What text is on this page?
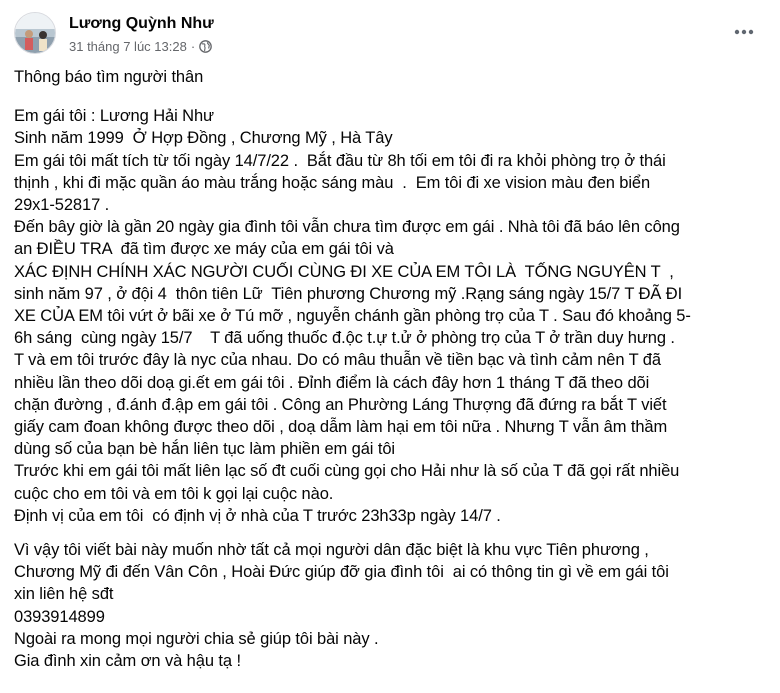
Lương Quỳnh Như
31 tháng 7 lúc 13:28 ·

Thông báo tìm người thân

Em gái tôi : Lương Hải Như

Sinh năm 1999  Ở Hợp Đồng , Chương Mỹ , Hà Tây

Em gái tôi mất tích từ tối ngày 14/7/22 .  Bắt đầu từ 8h tối em tôi đi ra khỏi phòng trọ ở thái

thịnh , khi đi mặc quần áo màu trắng hoặc sáng màu  .  Em tôi đi xe vision màu đen biển

29x1-52817 .

Đến bây giờ là gần 20 ngày gia đình tôi vẫn chưa tìm được em gái . Nhà tôi đã báo lên công

an ĐIỀU TRA  đã tìm được xe máy của em gái tôi và

XÁC ĐỊNH CHÍNH XÁC NGƯỜI CUỐI CÙNG ĐI XE CỦA EM TÔI LÀ  TỐNG NGUYÊN T  ,

sinh năm 97 , ở đội 4  thôn tiên Lữ  Tiên phương Chương mỹ .Rạng sáng ngày 15/7 T ĐÃ ĐI

XE CỦA EM tôi vứt ở bãi xe ở Tú mỡ , nguyễn chánh gần phòng trọ của T . Sau đó khoảng 5-

6h sáng  cùng ngày 15/7    T đã uống thuốc đ.ộc t.ự t.ử ở phòng trọ của T ở trần duy hưng .

T và em tôi trước đây là nyc của nhau. Do có mâu thuẫn về tiền bạc và tình cảm nên T đã

nhiều lần theo dõi doạ gi.ết em gái tôi . Đỉnh điểm là cách đây hơn 1 tháng T đã theo dõi

chặn đường , đ.ánh đ.ập em gái tôi . Công an Phường Láng Thượng đã đứng ra bắt T viết

giấy cam đoan không được theo dõi , doạ dẫm làm hại em tôi nữa . Nhưng T vẫn âm thầm

dùng số của bạn bè hắn liên tục làm phiền em gái tôi

Trước khi em gái tôi mất liên lạc số đt cuối cùng gọi cho Hải như là số của T đã gọi rất nhiều

cuộc cho em tôi và em tôi k gọi lại cuộc nào.

Định vị của em tôi  có định vị ở nhà của T trước 23h33p ngày 14/7 .

Vì vậy tôi viết bài này muốn nhờ tất cả mọi người dân đặc biệt là khu vực Tiên phương ,

Chương Mỹ đi đến Vân Côn , Hoài Đức giúp đỡ gia đình tôi  ai có thông tin gì về em gái tôi

xin liên hệ sđt

0393914899

Ngoài ra mong mọi người chia sẻ giúp tôi bài này .

Gia đình xin cảm ơn và hậu tạ !
